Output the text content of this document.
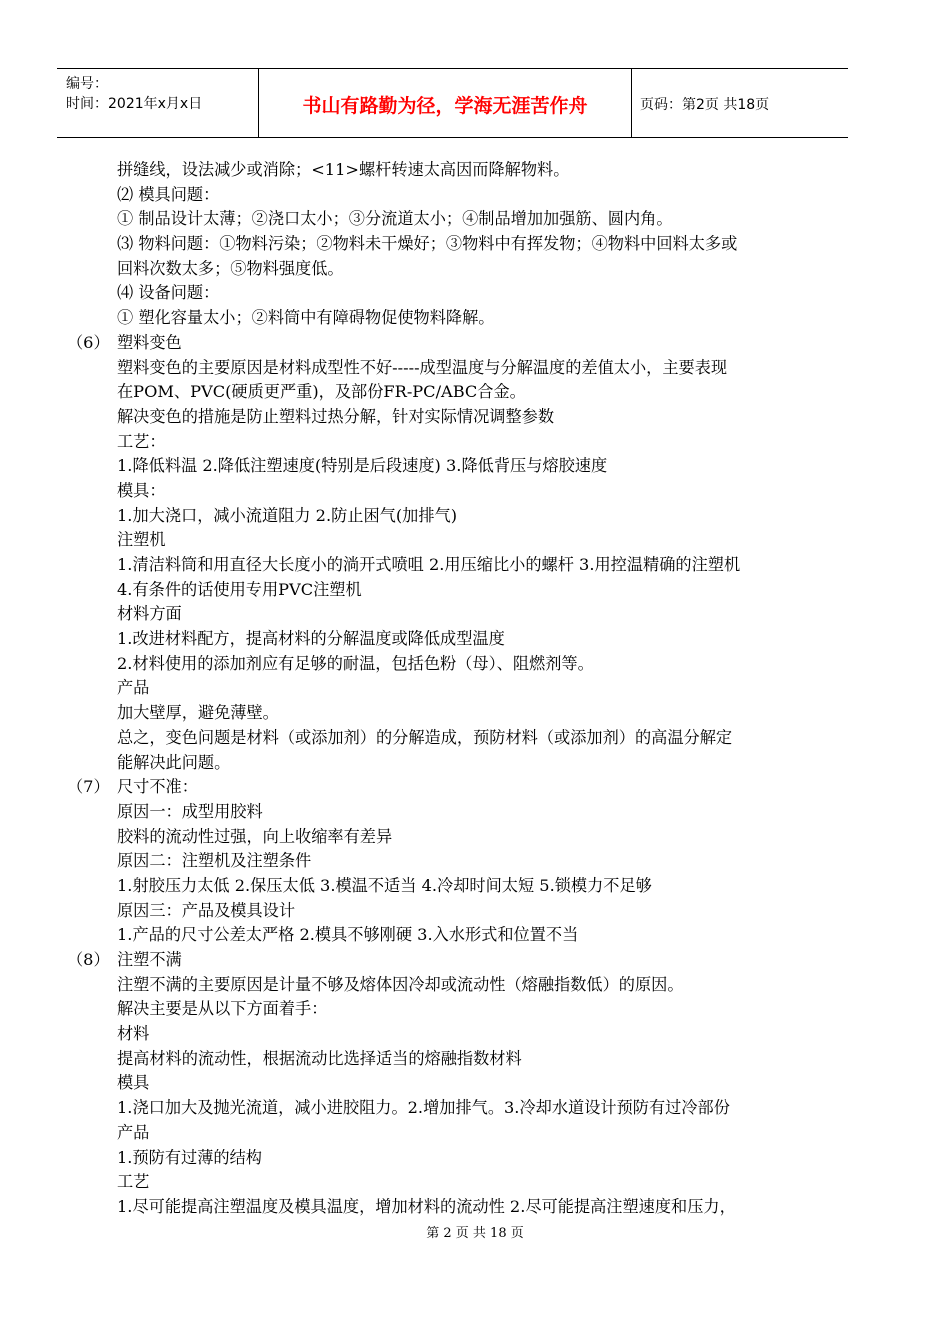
编号：
时间：2021年x月x日	书山有路勤为径，学海无涯苦作舟	页码：第2页 共18页
拼缝线，设法减少或消除；<11>螺杆转速太高因而降解物料。
⑵ 模具问题：
① 制品设计太薄；②浇口太小；③分流道太小；④制品增加加强筋、圆内角。
⑶ 物料问题：①物料污染；②物料未干燥好；③物料中有挥发物；④物料中回料太多或
回料次数太多；⑤物料强度低。
⑷ 设备问题：
① 塑化容量太小；②料筒中有障碍物促使物料降解。
（6） 塑料变色
塑料变色的主要原因是材料成型性不好-----成型温度与分解温度的差值太小，主要表现
在POM、PVC(硬质更严重)，及部份FR-PC/ABC合金。
解决变色的措施是防止塑料过热分解，针对实际情况调整参数
工艺：
1.降低料温 2.降低注塑速度(特别是后段速度) 3.降低背压与熔胶速度
模具：
1.加大浇口，减小流道阻力 2.防止困气(加排气)
注塑机
1.清洁料筒和用直径大长度小的淌开式喷咀 2.用压缩比小的螺杆 3.用控温精确的注塑机
4.有条件的话使用专用PVC注塑机
材料方面
1.改进材料配方，提高材料的分解温度或降低成型温度
2.材料使用的添加剂应有足够的耐温，包括色粉（母）、阻燃剂等。
产品
加大壁厚，避免薄壁。
总之，变色问题是材料（或添加剂）的分解造成，预防材料（或添加剂）的高温分解定
能解决此问题。
（7） 尺寸不准：
原因一：成型用胶料
胶料的流动性过强，向上收缩率有差异
原因二：注塑机及注塑条件
1.射胶压力太低 2.保压太低 3.模温不适当 4.冷却时间太短 5.锁模力不足够
原因三：产品及模具设计
1.产品的尺寸公差太严格 2.模具不够刚硬 3.入水形式和位置不当
（8） 注塑不满
注塑不满的主要原因是计量不够及熔体因冷却或流动性（熔融指数低）的原因。
解决主要是从以下方面着手：
材料
提高材料的流动性，根据流动比选择适当的熔融指数材料
模具
1.浇口加大及抛光流道，减小进胶阻力。2.增加排气。3.冷却水道设计预防有过冷部份
产品
1.预防有过薄的结构
工艺
1.尽可能提高注塑温度及模具温度，增加材料的流动性 2.尽可能提高注塑速度和压力，
第 2 页 共 18 页
